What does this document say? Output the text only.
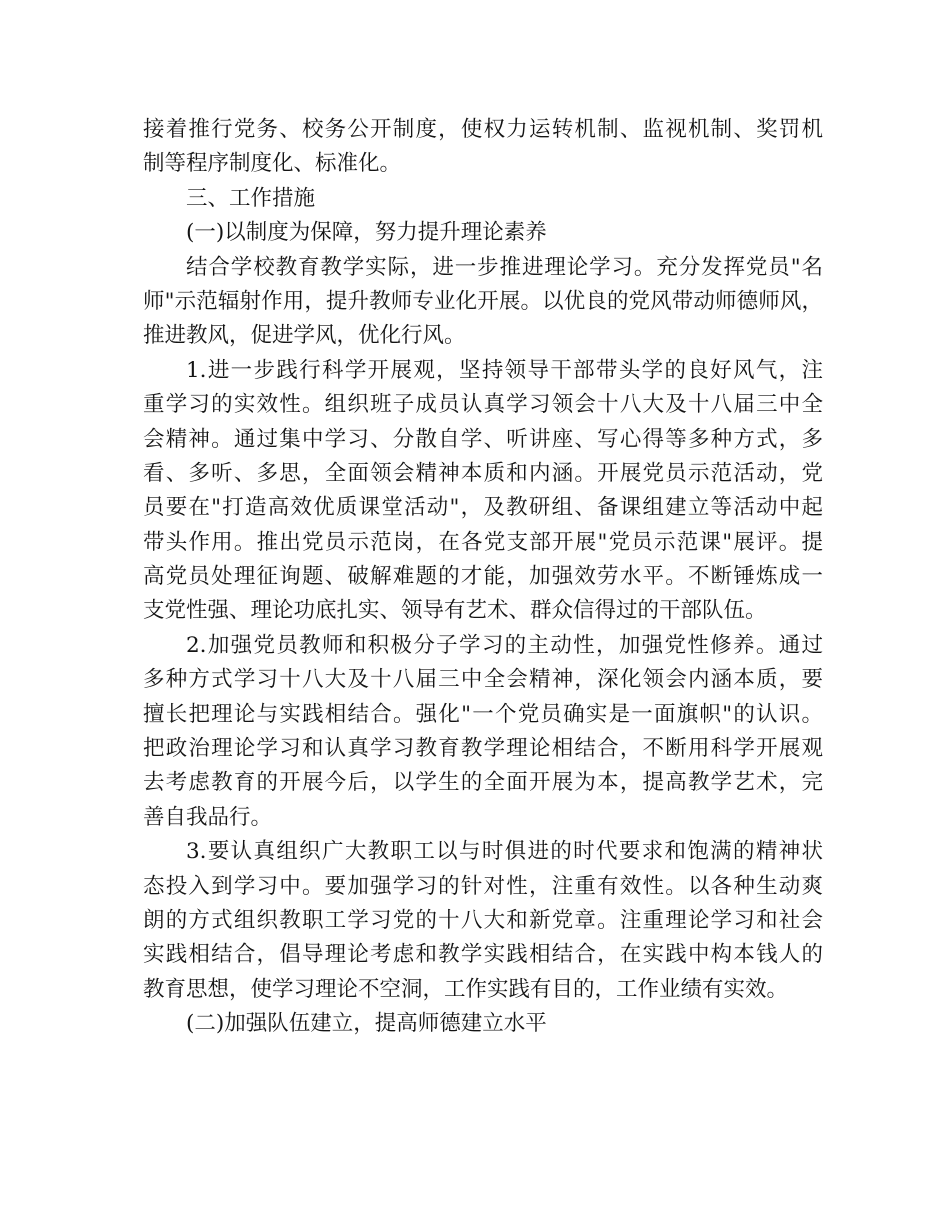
接着推行党务、校务公开制度，使权力运转机制、监视机制、奖罚机
制等程序制度化、标准化。
三、工作措施
(一)以制度为保障，努力提升理论素养
结合学校教育教学实际，进一步推进理论学习。充分发挥党员"名
师"示范辐射作用，提升教师专业化开展。以优良的党风带动师德师风，
推进教风，促进学风，优化行风。
1.进一步践行科学开展观，坚持领导干部带头学的良好风气，注
重学习的实效性。组织班子成员认真学习领会十八大及十八届三中全
会精神。通过集中学习、分散自学、听讲座、写心得等多种方式，多
看、多听、多思，全面领会精神本质和内涵。开展党员示范活动，党
员要在"打造高效优质课堂活动"，及教研组、备课组建立等活动中起
带头作用。推出党员示范岗，在各党支部开展"党员示范课"展评。提
高党员处理征询题、破解难题的才能，加强效劳水平。不断锤炼成一
支党性强、理论功底扎实、领导有艺术、群众信得过的干部队伍。
2.加强党员教师和积极分子学习的主动性，加强党性修养。通过
多种方式学习十八大及十八届三中全会精神，深化领会内涵本质，要
擅长把理论与实践相结合。强化"一个党员确实是一面旗帜"的认识。
把政治理论学习和认真学习教育教学理论相结合，不断用科学开展观
去考虑教育的开展今后，以学生的全面开展为本，提高教学艺术，完
善自我品行。
3.要认真组织广大教职工以与时俱进的时代要求和饱满的精神状
态投入到学习中。要加强学习的针对性，注重有效性。以各种生动爽
朗的方式组织教职工学习党的十八大和新党章。注重理论学习和社会
实践相结合，倡导理论考虑和教学实践相结合，在实践中构本钱人的
教育思想，使学习理论不空洞，工作实践有目的，工作业绩有实效。
(二)加强队伍建立，提高师德建立水平
